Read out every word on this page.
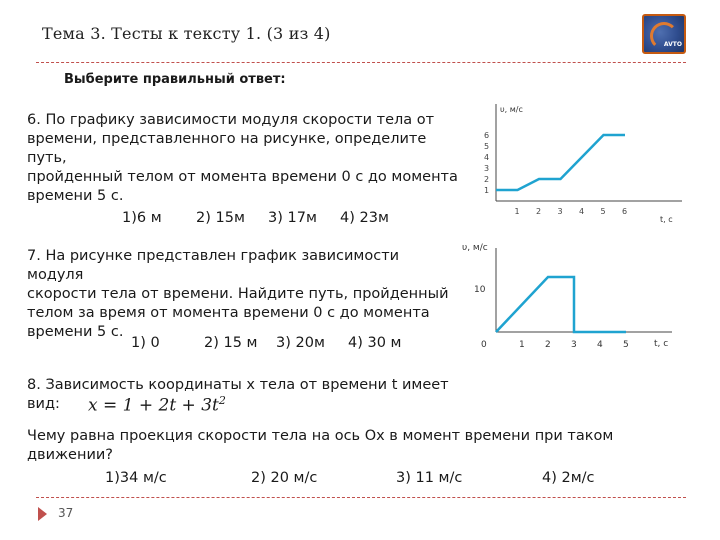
Тема 3. Тесты к тексту 1. (3 из 4)
AVTO
Выберите правильный ответ:
6. По графику зависимости модуля скорости тела от
времени, представленного на рисунке, определите путь,
пройденный телом от момента времени 0 с до момента
времени 5 с.
1)6 м 2) 15м 3) 17м 4) 23м
υ, м/с
t, c
1 2 3 4 5 6
1
2
3
4
5
6
7. На рисунке представлен график зависимости модуля
скорости тела от времени. Найдите путь, пройденный
телом за время от момента времени 0 с до момента
времени 5 с.
1) 0	2) 15 м 3) 20м 4) 30 м
υ, м/с
t, c
0	1 2 3 4 5
10
8. Зависимость координаты x тела от времени t имеет
вид:	$x = 1 + 2t + 3t^2$
Чему равна проекция скорости тела на ось Ox в момент времени при таком
движении?
1)34 м/с	2) 20 м/с	3) 11 м/с	4) 2м/с
37
